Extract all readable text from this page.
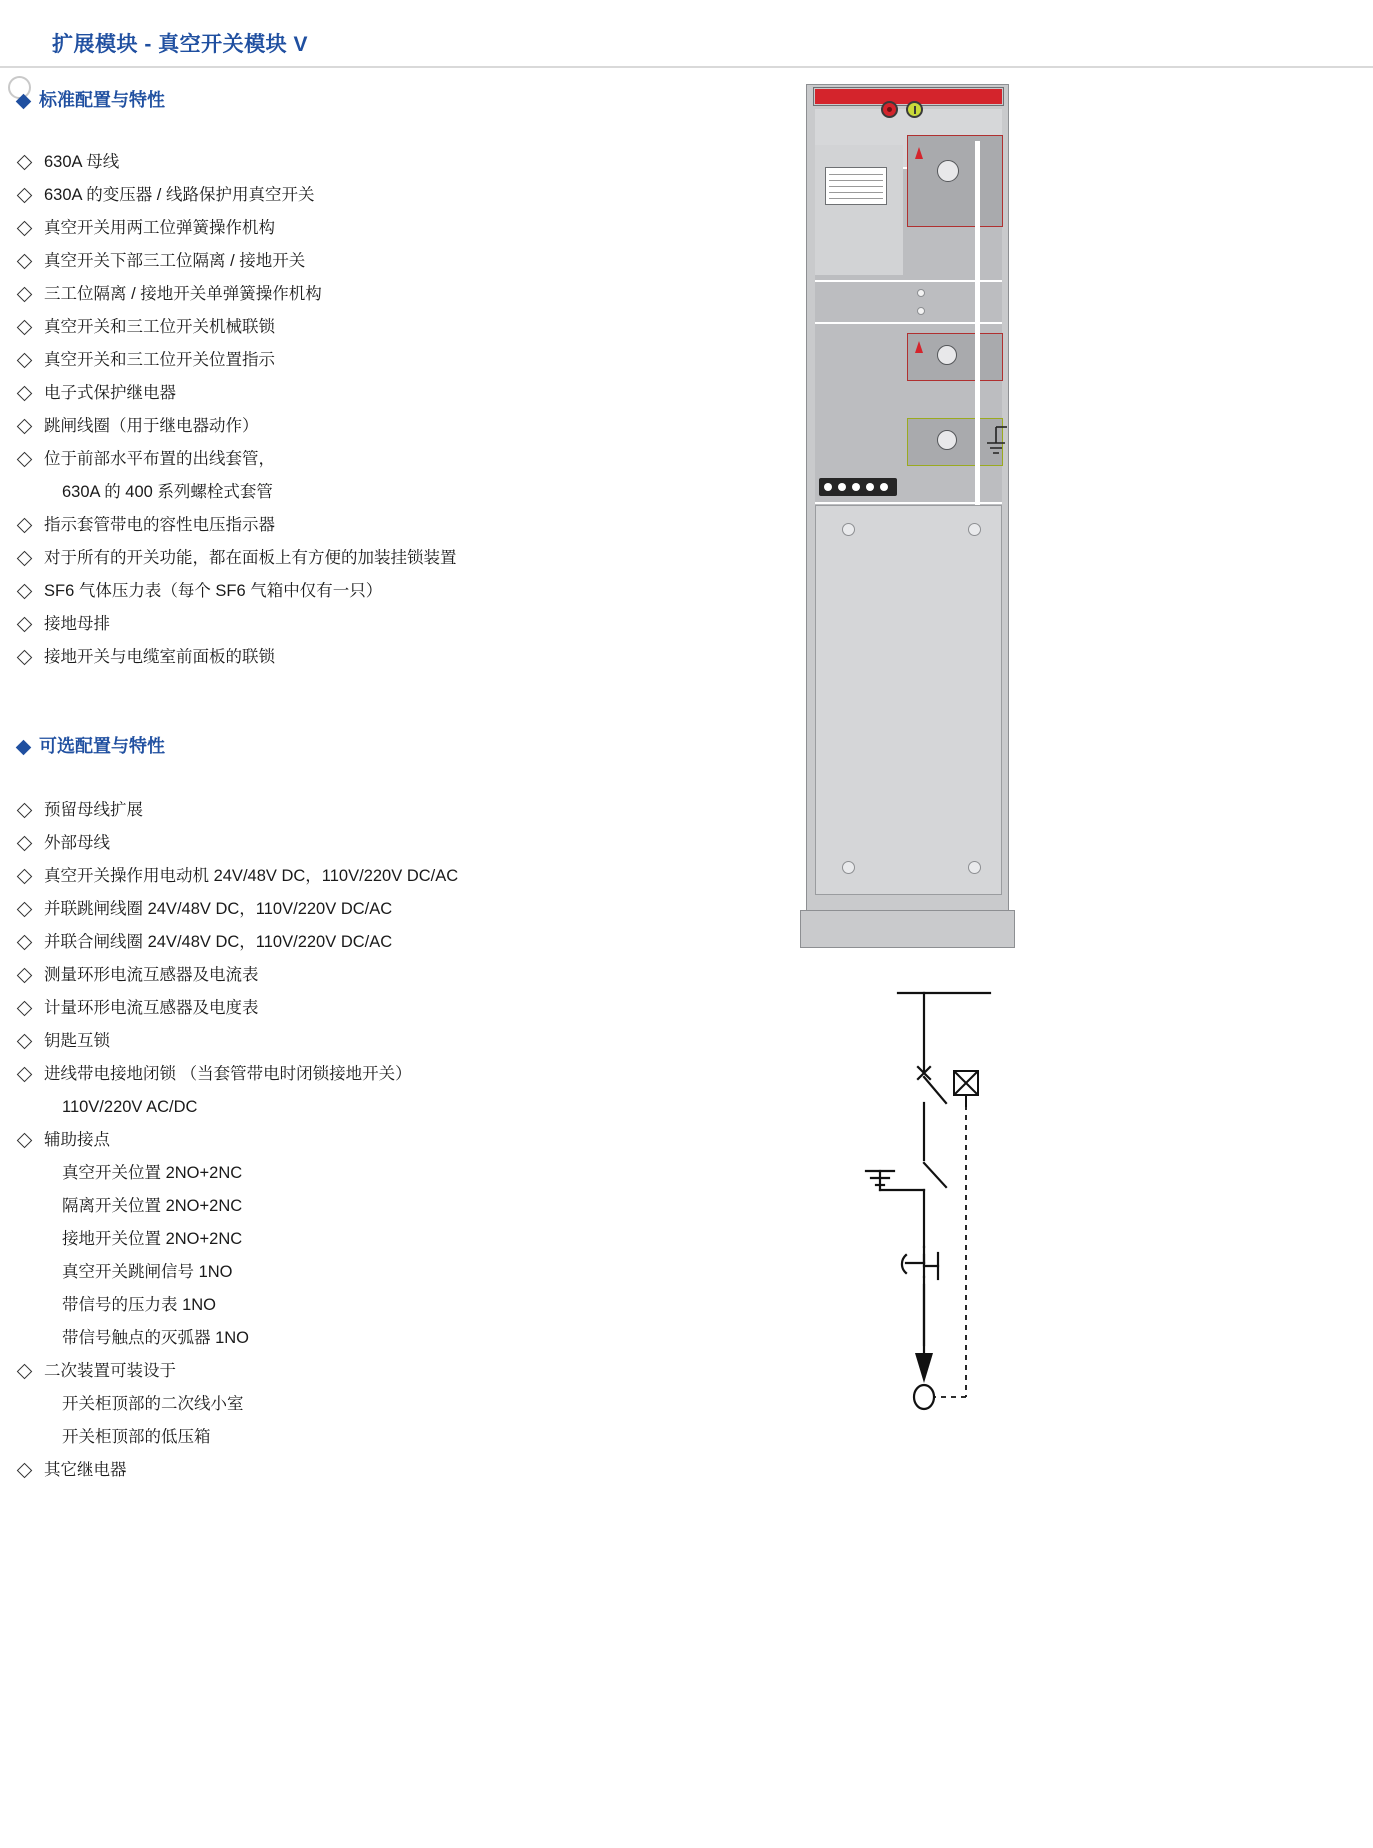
扩展模块 - 真空开关模块 V
标准配置与特性
630A 母线
630A 的变压器 / 线路保护用真空开关
真空开关用两工位弹簧操作机构
真空开关下部三工位隔离 / 接地开关
三工位隔离 / 接地开关单弹簧操作机构
真空开关和三工位开关机械联锁
真空开关和三工位开关位置指示
电子式保护继电器
跳闸线圈（用于继电器动作）
位于前部水平布置的出线套管，
630A 的 400 系列螺栓式套管
指示套管带电的容性电压指示器
对于所有的开关功能，都在面板上有方便的加装挂锁装置
SF6 气体压力表（每个 SF6 气箱中仅有一只）
接地母排
接地开关与电缆室前面板的联锁
可选配置与特性
预留母线扩展
外部母线
真空开关操作用电动机 24V/48V DC，110V/220V DC/AC
并联跳闸线圈 24V/48V DC，110V/220V DC/AC
并联合闸线圈 24V/48V DC，110V/220V DC/AC
测量环形电流互感器及电流表
计量环形电流互感器及电度表
钥匙互锁
进线带电接地闭锁 （当套管带电时闭锁接地开关）
110V/220V AC/DC
辅助接点
真空开关位置 2NO+2NC
隔离开关位置 2NO+2NC
接地开关位置 2NO+2NC
真空开关跳闸信号 1NO
带信号的压力表 1NO
带信号触点的灭弧器 1NO
二次装置可装设于
开关柜顶部的二次线小室
开关柜顶部的低压箱
其它继电器
